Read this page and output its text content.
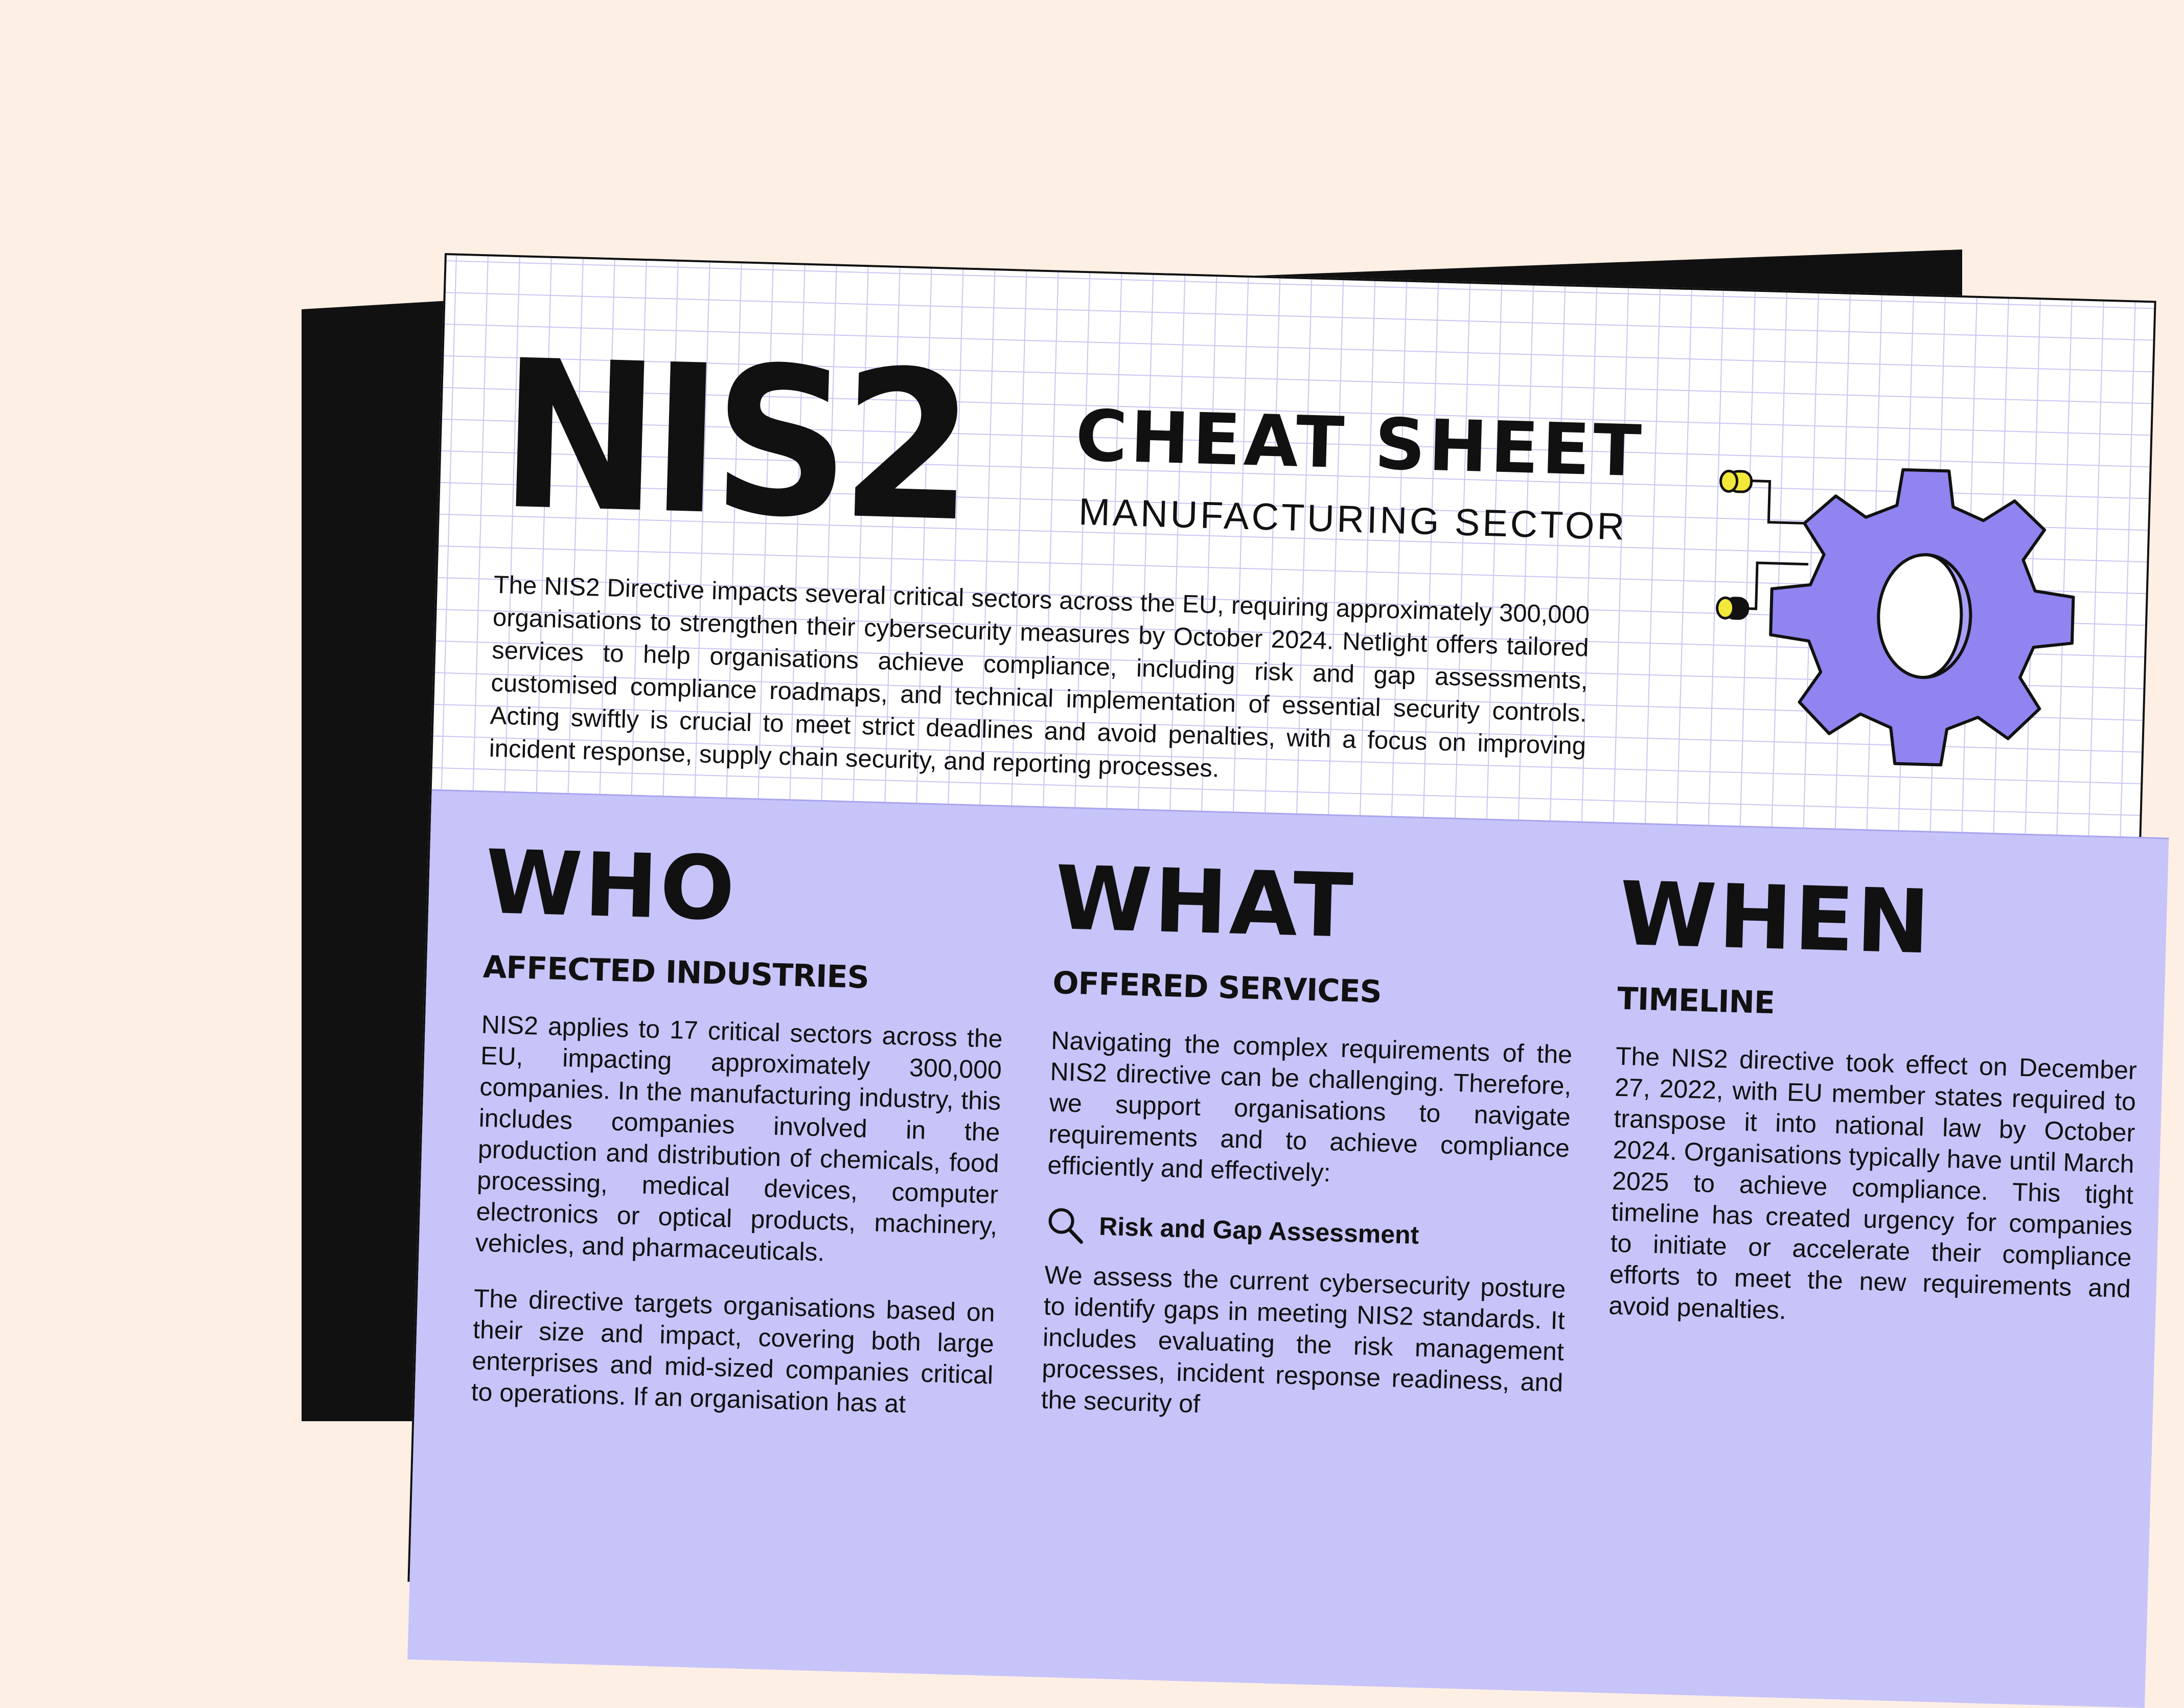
NIS2 CHEAT SHEET
MANUFACTURING SECTOR

The NIS2 Directive impacts several critical sectors across the EU, requiring approximately 300,000 organisations to strengthen their cybersecurity measures by October 2024. Netlight offers tailored services to help organisations achieve compliance, including risk and gap assessments, customised compliance roadmaps, and technical implementation of essential security controls. Acting swiftly is crucial to meet strict deadlines and avoid penalties, with a focus on improving incident response, supply chain security, and reporting processes.

WHO
AFFECTED INDUSTRIES

NIS2 applies to 17 critical sectors across the EU, impacting approximately 300,000 companies. In the manufacturing industry, this includes companies involved in the production and distribution of chemicals, food processing, medical devices, computer electronics or optical products, machinery, vehicles, and pharmaceuticals.

The directive targets organisations based on their size and impact, covering both large enterprises and mid-sized companies critical to operations. If an organisation has at

WHAT
OFFERED SERVICES

Navigating the complex requirements of the NIS2 directive can be challenging. Therefore, we support organisations to navigate requirements and to achieve compliance efficiently and effectively:

Risk and Gap Assessment

We assess the current cybersecurity posture to identify gaps in meeting NIS2 standards. It includes evaluating the risk management processes, incident response readiness, and the security of

WHEN
TIMELINE

The NIS2 directive took effect on December 27, 2022, with EU member states required to transpose it into national law by October 2024. Organisations typically have until March 2025 to achieve compliance. This tight timeline has created urgency for companies to initiate or accelerate their compliance efforts to meet the new requirements and avoid penalties.
